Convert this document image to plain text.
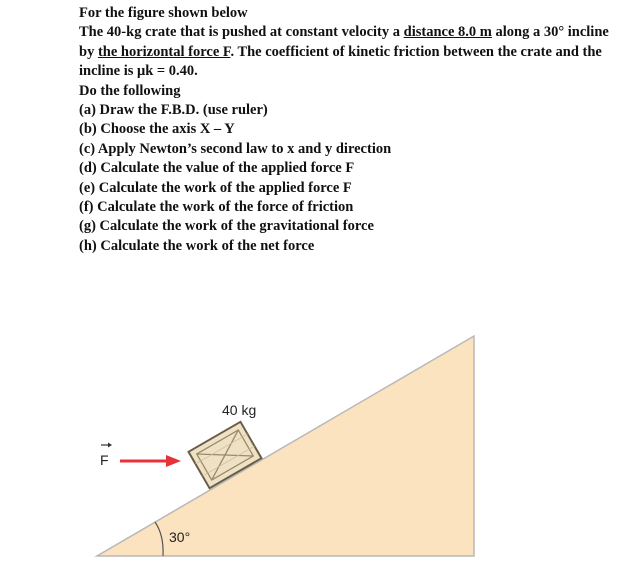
For the figure shown below

The 40-kg crate that is pushed at constant velocity a distance 8.0 m along a 30° incline by the horizontal force F. The coefficient of kinetic friction between the crate and the incline is μk = 0.40.

Do the following

(a) Draw the F.B.D. (use ruler)
(b) Choose the axis X – Y
(c) Apply Newton’s second law to x and y direction
(d) Calculate the value of the applied force F
(e) Calculate the work of the applied force F
(f) Calculate the work of the force of friction
(g) Calculate the work of the gravitational force
(h) Calculate the work of the net force
30°
40 kg
F
